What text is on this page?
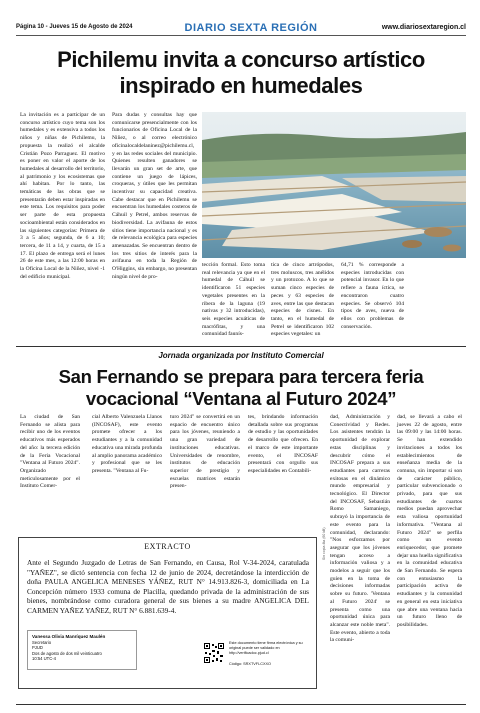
Página 10 - Jueves 15 de Agosto de 2024	DIARIO SEXTA REGIÓN	www.diariosextaregion.cl
Pichilemu invita a concurso artístico inspirado en humedales

La invitación es a participar de un concurso artístico cuyo tema son los humedales y es extensiva a todos los niños y niñas de Pichilemu, la propuesta la realizó el alcalde Cristián Pozo Parraguez. El motivo es poner en valor el aporte de los humedales al desarrollo del territorio, al patrimonio y los ecosistemas que ahí habitan. Por lo tanto, las temáticas de las obras que se presentarán deben estar inspiradas en este tema. Los requisitos para poder ser parte de esta propuesta socioambiental están considerados en las siguientes categorías: Primera de 3 a 5 años; segunda, de 6 a 10; tercera, de 11 a 14, y cuarta, de 15 a 17. El plazo de entrega será el lunes 26 de este mes, a las 12:00 horas en la Oficina Local de la Niñez, nivel -1 del edificio municipal.

Para dudas y consultas hay que comunicarse presencialmente con los funcionarios de Oficina Local de la Niñez, o al correo electrónico oficinalocaldelaninez@pichilemu.cl, y en las redes sociales del municipio. Quienes resulten ganadores se llevarán un gran set de arte, que contiene un juego de lápices, croqueras, y útiles que les permitan incentivar su capacidad creativa. Cabe destacar que en Pichilemu se encuentran los humedales costeros de Cáhuil y Petrel, ambos reservas de biodiversidad. La avifauna de estos sitios tiene importancia nacional y es de relevancia ecológica para especies amenazadas. Se encuentran dentro de los tres sitios de interés para la avifauna en toda la Región de O'Higgins, sin embargo, no presentan ningún nivel de pro-

tección formal. Esto toma real relevancia ya que en el humedal de Cáhuil se identificaron 51 especies vegetales presentes en la ribera de la laguna (19 nativas y 32 introducidas), seis especies acuáticas de macrófitas, y una comunidad faunís-

tica de cinco artrópodos, tres moluscos, tres anélidos y un protozoo. A lo que se suman cinco especies de peces y 63 especies de aves, entre las que destacan especies de cisnes. En tanto, en el humedal de Petrel se identificaron 102 especies vegetales: un

64,71 % corresponde a especies introducidas con potencial invasor. En lo que refiere a fauna íctica, se encontraron cuatro especies. Se observó 104 tipos de aves, nueva de ellos con problemas de conservación.

Jornada organizada por Instituto Comercial
San Fernando se prepara para tercera feria vocacional “Ventana al Futuro 2024”

La ciudad de San Fernando se alista para recibir uno de los eventos educativos más esperados del año: la tercera edición de la Feria Vocacional "Ventana al Futuro 2024". Organizado meticulosamente por el Instituto Comer-

cial Alberto Valenzuela Llanos (INCOSAF), este evento promete ofrecer a los estudiantes y a la comunidad educativa una mirada profunda al amplio panorama académico y profesional que se les presenta. "Ventana al Fu-

turo 2024" se convertirá en un espacio de encuentro único para los jóvenes, reuniendo a una gran variedad de instituciones educativas. Universidades de renombre, institutos de educación superior de prestigio y escuelas matrices estarán presen-

tes, brindando información detallada sobre sus programas de estudio y las oportunidades de desarrollo que ofrecen. En el marco de este importante evento, el INCOSAF presentará con orgullo sus especialidades en Contabili-

dad, Administración y Conectividad y Redes. Los asistentes tendrán la oportunidad de explorar estas disciplinas y descubrir cómo el INCOSAF prepara a sus estudiantes para carreras exitosas en el dinámico mundo empresarial y tecnológico. El Director del INCOSAF, Sebastián Romo Samaniego, subrayó la importancia de este evento para la comunidad, declarando: "Nos esforzamos por asegurar que los jóvenes tengan acceso a información valiosa y a modelos a seguir que los guíen en la toma de decisiones informadas sobre su futuro. 'Ventana al Futuro 2024' se presenta como una oportunidad única para alcanzar este noble meta". Este evento, abierto a toda la comuni-

dad, se llevará a cabo el jueves 22 de agosto, entre las 09:00 y las 14:00 horas. Se han extendido invitaciones a todos los establecimientos de enseñanza media de la comuna, sin importar si son de carácter público, particular subvencionado o privado, para que sus estudiantes de cuartos medios puedan aprovechar esta valiosa oportunidad informativa. "Ventana al Futuro 2024" se perfila como un evento enriquecedor, que promete dejar una huella significativa en la comunidad educativa de San Fernando. Se espera con entusiasmo la participación activa de estudiantes y la comunidad en general en esta iniciativa que abre una ventana hacia un futuro lleno de posibilidades.

EXTRACTO
Ante el Segundo Juzgado de Letras de San Fernando, en Causa, Rol V-34-2024, caratulada "YAÑEZ", se dictó sentencia con fecha 12 de junio de 2024, decretándose la interdicción de doña PAULA ANGELICA MENESES YÁÑEZ, RUT N° 14.913.826-3, domiciliada en La Concepción número 1933 comuna de Placilla, quedando privada de la administración de sus bienes, nombrándose como curadora general de sus bienes a su madre ANGELICA DEL CARMEN YAÑEZ YAÑEZ, RUT N° 6.881.639-4.
Vanessa Olivia Manríquez Maulén
Secretario
PJUD
Dos de agosto de dos mil veinticuatro
10:54 UTC-4
Este documento tiene firma electrónica y su original puede ser validado en http://verificadoc.pjud.cl
Código: SRXTVFLCXXO
Sin copia 4ta (60 kB)
